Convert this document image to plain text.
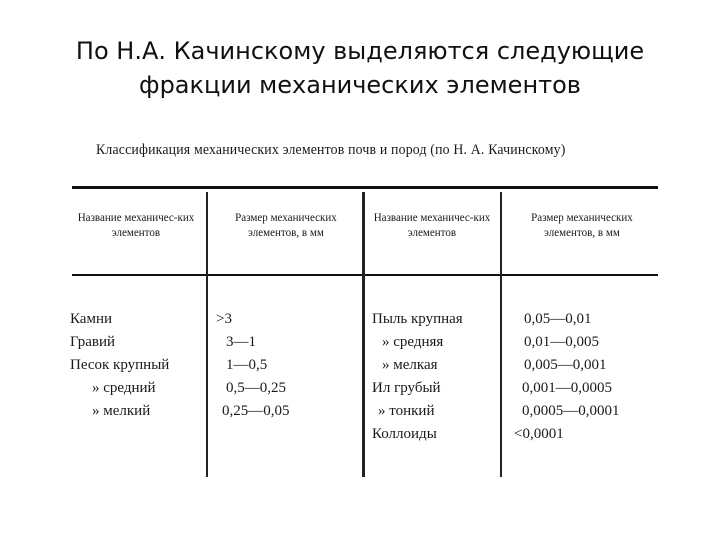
По Н.А. Качинскому выделяются следующие
фракции механических элементов
Классификация механических элементов почв и пород (по Н. А. Качинскому)
Название механичес-ких элементов
Размер механических элементов, в мм
Название механичес-ких элементов
Размер механических элементов, в мм
Камни
Гравий
Песок крупный
» средний
» мелкий
>3
3—1
1—0,5
0,5—0,25
0,25—0,05
Пыль крупная
» средняя
» мелкая
Ил грубый
» тонкий
Коллоиды
0,05—0,01
0,01—0,005
0,005—0,001
0,001—0,0005
0,0005—0,0001
<0,0001
